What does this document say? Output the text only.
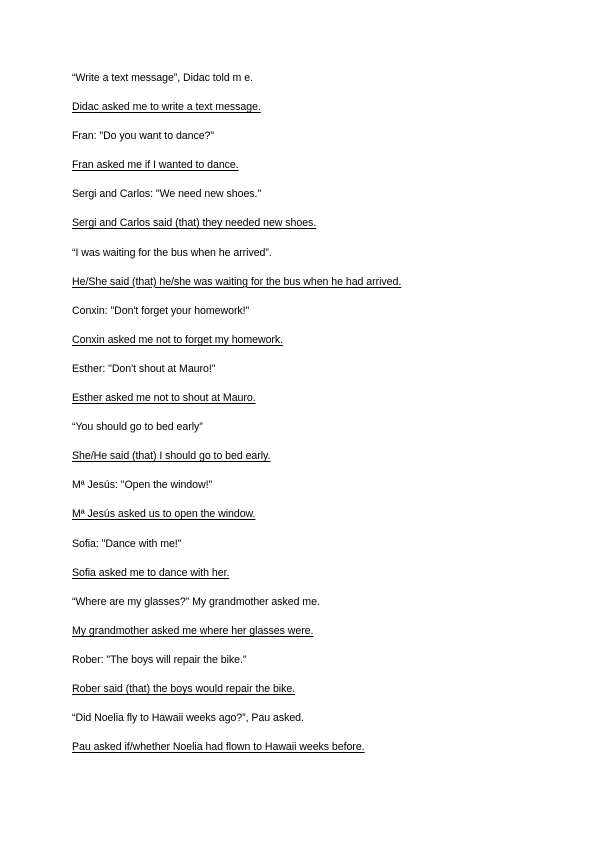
“Write a text message”, Didac told m e.
Didac asked me to write a text message.
Fran: "Do you want to dance?"
Fran asked me if I wanted to dance.
Sergi and Carlos: "We need new shoes."
Sergi and Carlos said (that) they needed new shoes.
“I was waiting for the bus when he arrived”.
He/She said (that) he/she was waiting for the bus when he had arrived.
Conxin: "Don't forget your homework!"
Conxin asked me not to forget my homework.
Esther: "Don't shout at Mauro!"
Esther asked me not to shout at Mauro.
“You should go to bed early”
She/He said (that) I should go to bed early.
Mª Jesús: "Open the window!"
Mª Jesús asked us to open the window.
Sofia: "Dance with me!"
Sofia asked me to dance with her.
“Where are my glasses?” My grandmother asked me.
My grandmother asked me where her glasses were.
Rober: "The boys will repair the bike."
Rober said (that) the boys would repair the bike.
“Did Noelia fly to Hawaii weeks ago?”, Pau asked.
Pau asked if/whether Noelia had flown to Hawaii weeks before.
